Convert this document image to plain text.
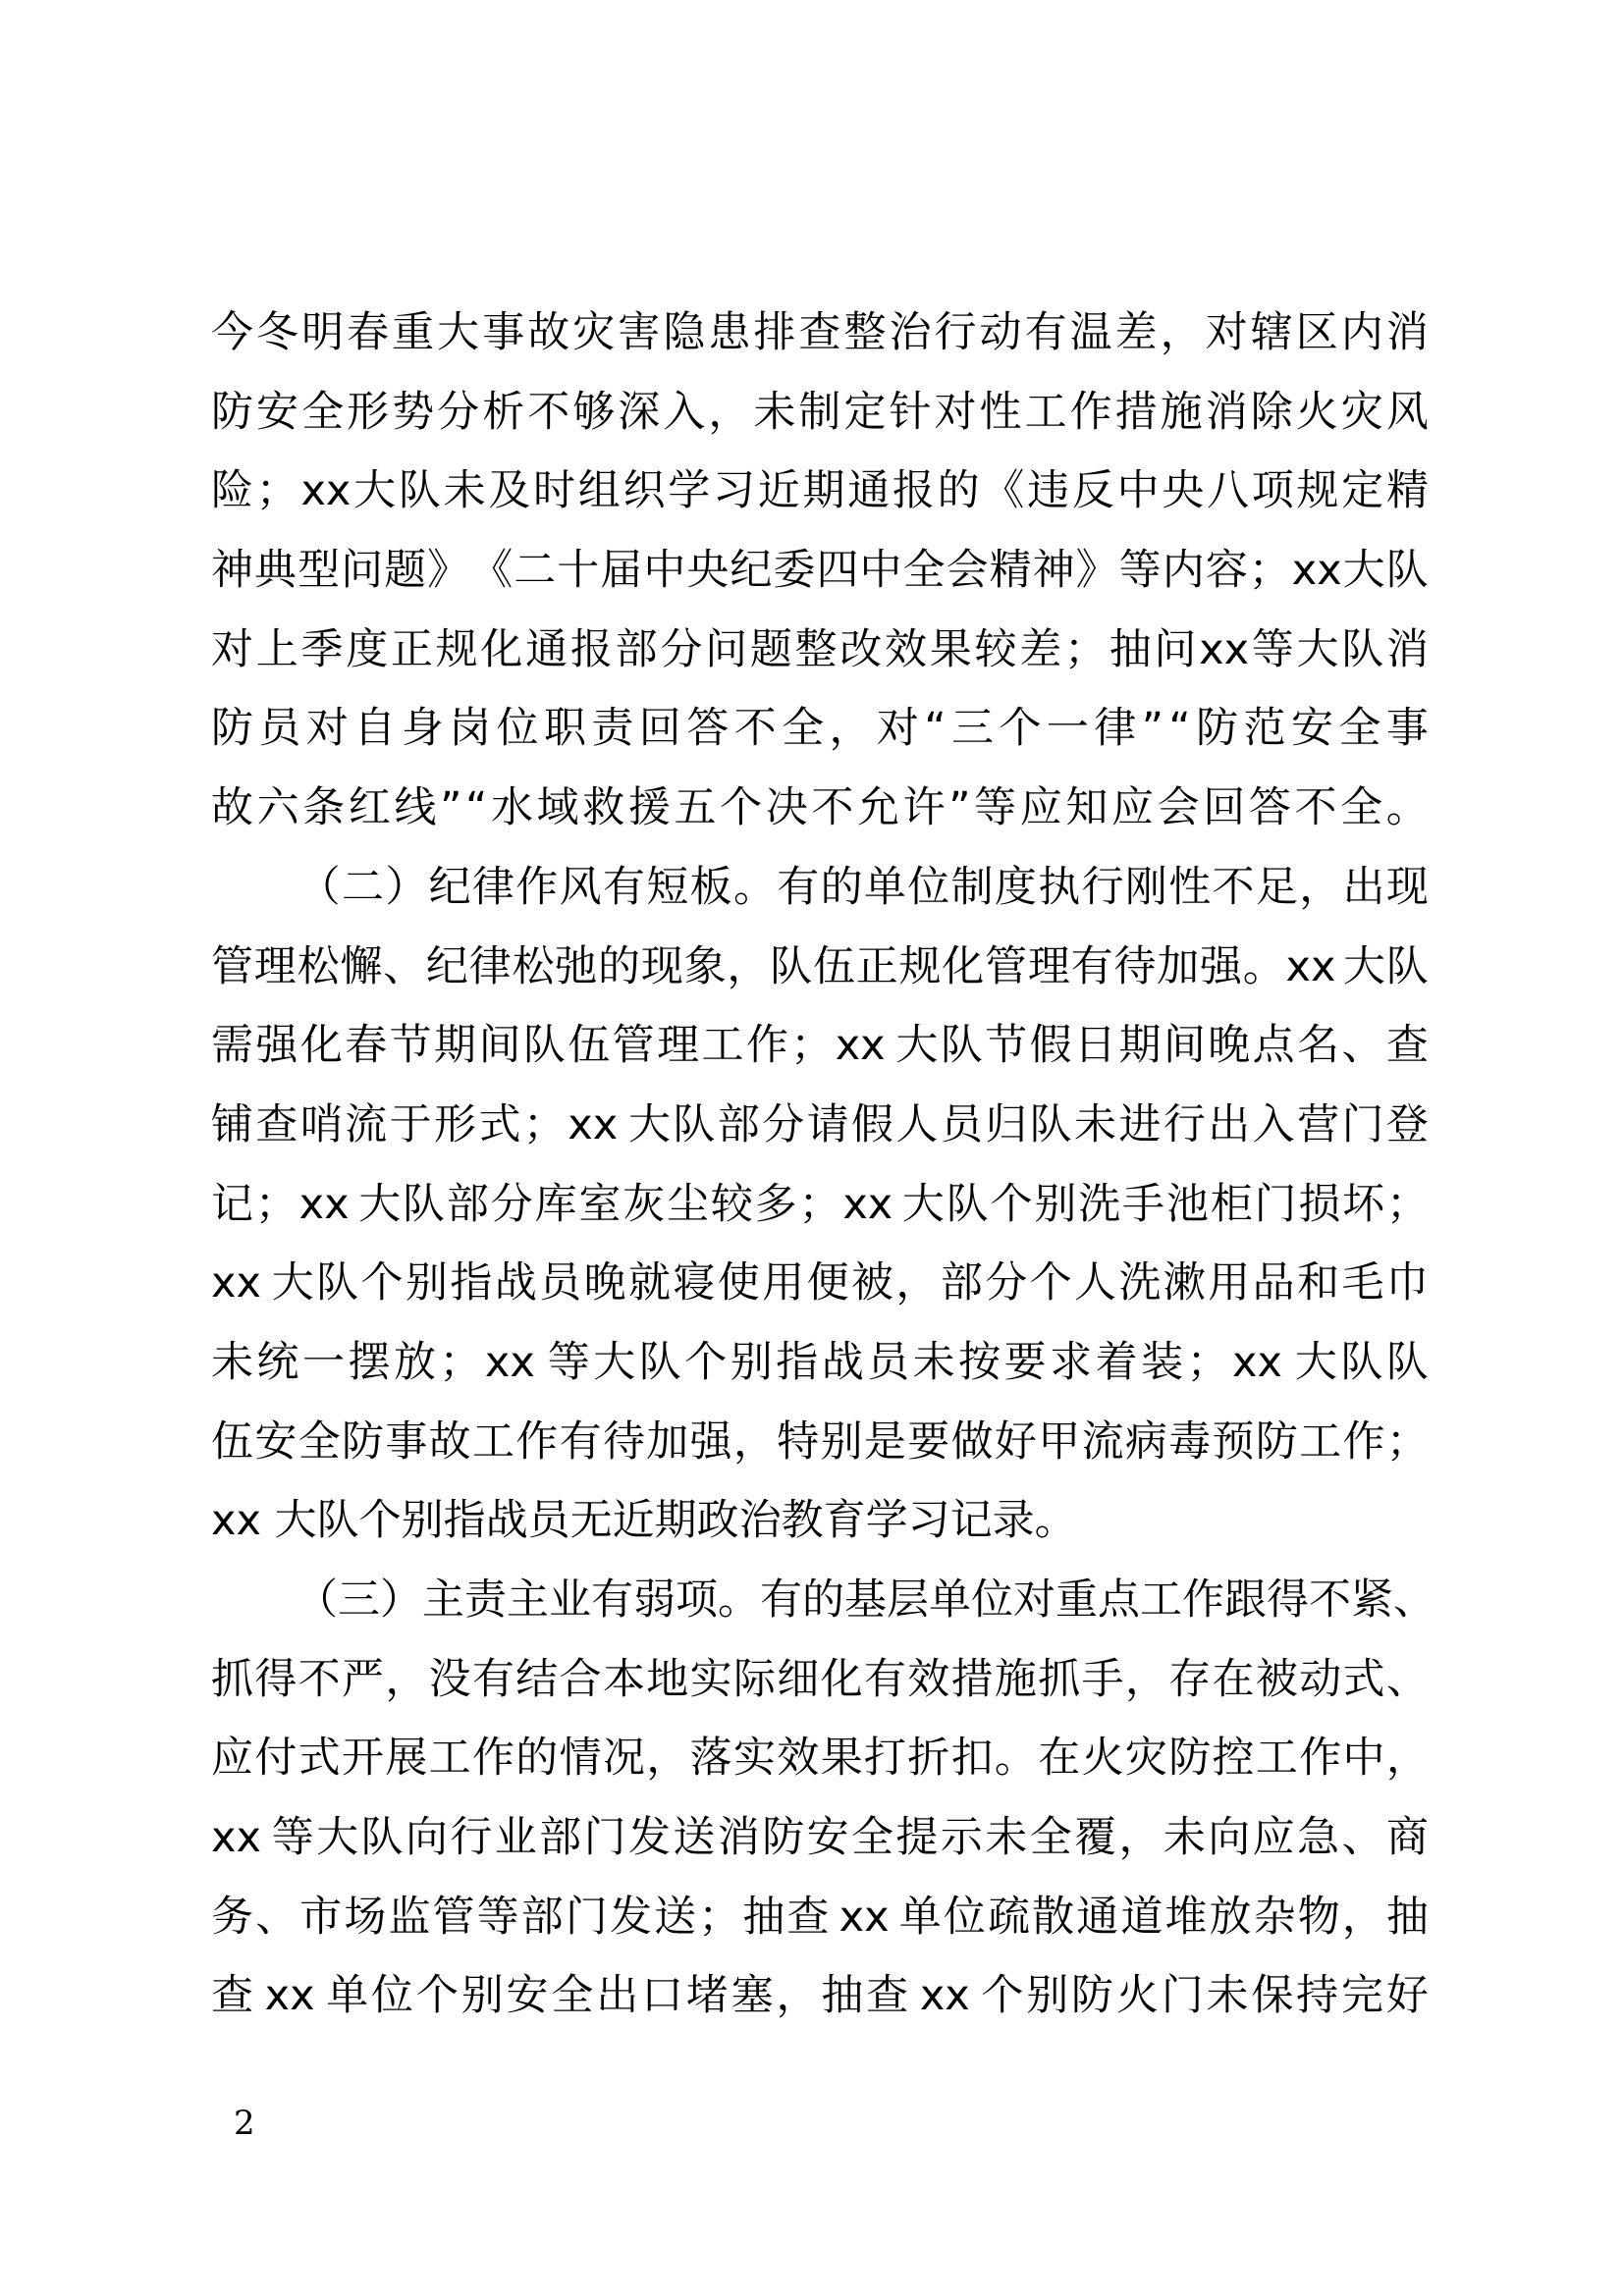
今 冬 明 春 重 大 事 故 灾 害 隐 患 排 查 整 治 行 动 有 温 差 ， 对 辖 区 内 消
防 安 全 形 势 分 析 不 够 深 入 ， 未 制 定 针 对 性 工 作 措 施 消 除 火 灾 风
险 ； xx 大 队 未 及 时 组 织 学 习 近 期 通 报 的 《 违 反 中 央 八 项 规 定 精
神 典 型 问 题 》 《 二 十 届 中 央 纪 委 四 中 全 会 精 神 》 等 内 容 ； xx 大 队
对 上 季 度 正 规 化 通 报 部 分 问 题 整 改 效 果 较 差 ； 抽 问 xx 等 大 队 消
防 员 对 自 身 岗 位 职 责 回 答 不 全 ， 对 “ 三 个 一 律 ” “ 防 范 安 全 事
故 六 条 红 线 ” “ 水 域 救 援 五 个 决 不 允 许 ” 等 应 知 应 会 回 答 不 全 。

（ 二 ） 纪 律 作 风 有 短 板 。 有 的 单 位 制 度 执 行 刚 性 不 足 ， 出 现
管 理 松 懈 、 纪 律 松 弛 的 现 象 ， 队 伍 正 规 化 管 理 有 待 加 强 。 xx
大 队
需 强 化 春 节 期 间 队 伍 管 理 工 作 ； xx
大 队 节 假 日 期 间 晚 点 名 、 查
铺 查 哨 流 于 形 式 ； xx
大 队 部 分 请 假 人 员 归 队 未 进 行 出 入 营 门 登
记 ； xx
大 队 部 分 库 室 灰 尘 较 多 ； xx
大 队 个 别 洗 手 池 柜 门 损 坏 ；
xx
大 队 个 别 指 战 员 晚 就 寝 使 用 便 被 ， 部 分 个 人 洗 漱 用 品 和 毛 巾
未 统 一 摆 放 ； xx
等 大 队 个 别 指 战 员 未 按 要 求 着 装 ； xx
大 队 队
伍 安 全 防 事 故 工 作 有 待 加 强 ， 特 别 是 要 做 好 甲 流 病 毒 预 防 工 作 ；
xx 大队个别指战员无近期政治教育学习记录。

（ 三 ） 主 责 主 业 有 弱 项 。 有 的 基 层 单 位 对 重 点 工 作 跟 得 不 紧 、
抓 得 不 严 ， 没 有 结 合 本 地 实 际 细 化 有 效 措 施 抓 手 ， 存 在 被 动 式 、
应 付 式 开 展 工 作 的 情 况 ， 落 实 效 果 打 折 扣 。 在 火 灾 防 控 工 作 中 ，
xx
等 大 队 向 行 业 部 门 发 送 消 防 安 全 提 示 未 全 覆 ， 未 向 应 急 、 商
务 、 市 场 监 管 等 部 门 发 送 ； 抽 查
xx
单 位 疏 散 通 道 堆 放 杂 物 ， 抽
查
xx
单 位 个 别 安 全 出 口 堵 塞 ， 抽 查
xx
个 别 防 火 门 未 保 持 完 好
2
